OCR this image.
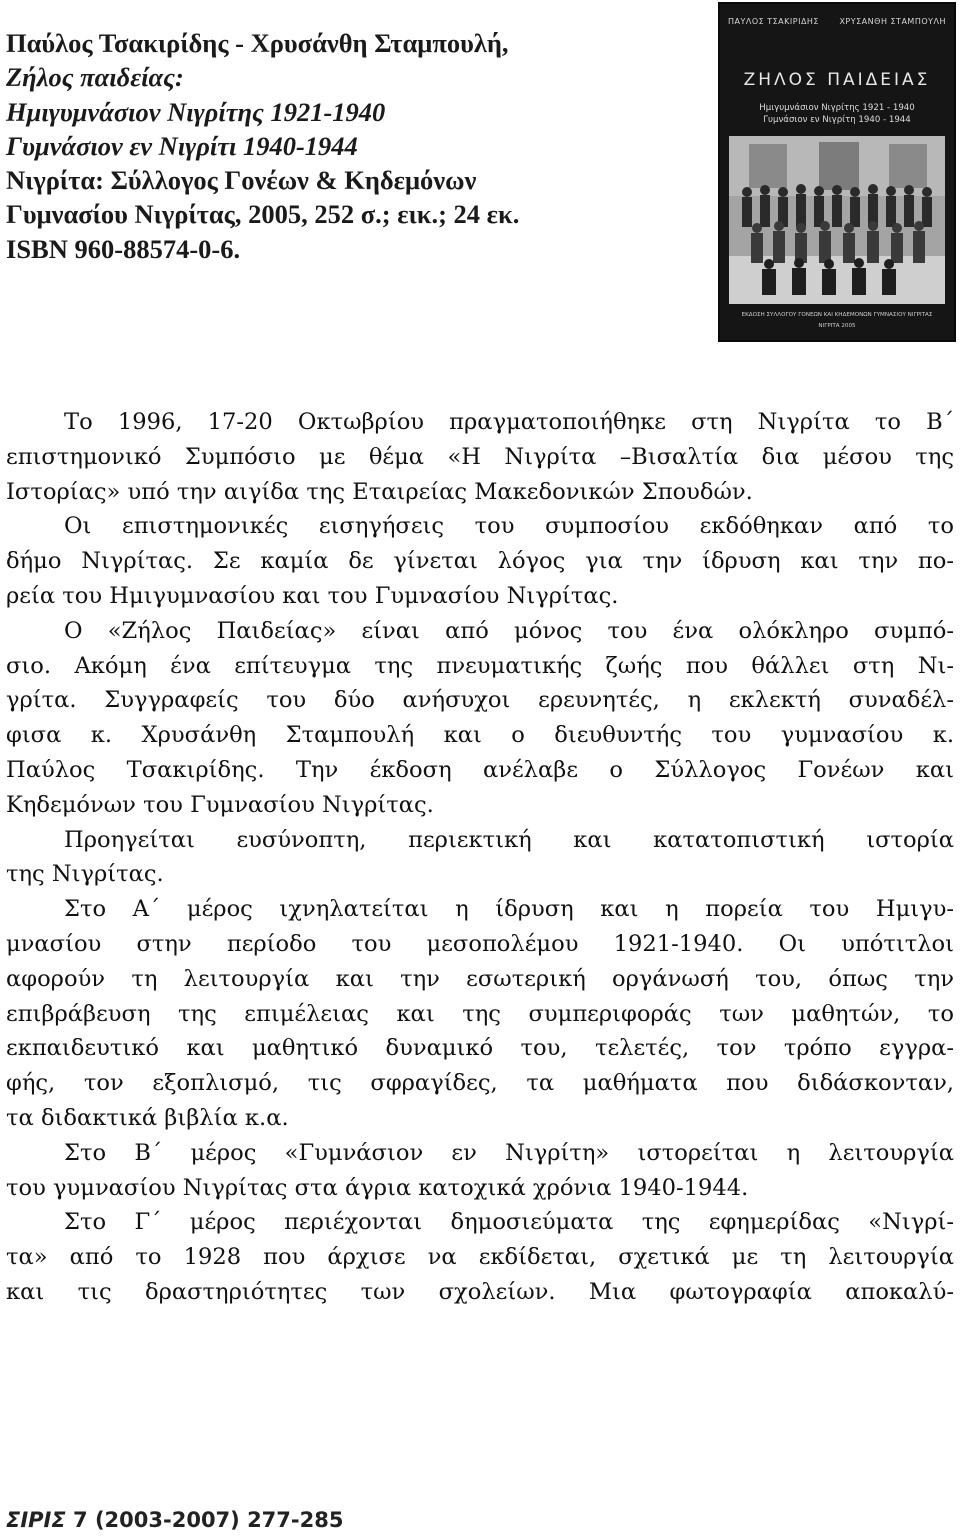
Παύλος Τσακιρίδης - Χρυσάνθη Σταμπουλή,
Ζήλος παιδείας:
Ημιγυμνάσιον Νιγρίτης 1921-1940
Γυμνάσιον εν Νιγρίτι 1940-1944
Νιγρίτα: Σύλλογος Γονέων & Κηδεμόνων
Γυμνασίου Νιγρίτας, 2005, 252 σ.; εικ.; 24 εκ.
ISBN 960-88574-0-6.
ΠΑΥΛΟΣ ΤΣΑΚΙΡΙΔΗΣ	ΧΡΥΣΑΝΘΗ ΣΤΑΜΠΟΥΛΗ
ΖΗΛΟΣ ΠΑΙΔΕΙΑΣ
Ημιγυμνάσιον Νιγρίτης 1921 - 1940
Γυμνάσιον εν Νιγρίτη 1940 - 1944
ΕΚΔΟΣΗ ΣΥΛΛΟΓΟΥ ΓΟΝΕΩΝ ΚΑΙ ΚΗΔΕΜΟΝΩΝ ΓΥΜΝΑΣΙΟΥ ΝΙΓΡΙΤΑΣ
ΝΙΓΡΙΤΑ 2005
Το 1996, 17-20 Οκτωβρίου πραγματοποιήθηκε στη Νιγρίτα το Β΄
επιστημονικό Συμπόσιο με θέμα «Η Νιγρίτα –Βισαλτία δια μέσου της
Ιστορίας» υπό την αιγίδα της Εταιρείας Μακεδονικών Σπουδών.
Οι επιστημονικές εισηγήσεις του συμποσίου εκδόθηκαν από το
δήμο Νιγρίτας. Σε καμία δε γίνεται λόγος για την ίδρυση και την πο-
ρεία του Ημιγυμνασίου και του Γυμνασίου Νιγρίτας.
Ο «Ζήλος Παιδείας» είναι από μόνος του ένα ολόκληρο συμπό-
σιο. Ακόμη ένα επίτευγμα της πνευματικής ζωής που θάλλει στη Νι-
γρίτα. Συγγραφείς του δύο ανήσυχοι ερευνητές, η εκλεκτή συναδέλ-
φισα κ. Χρυσάνθη Σταμπουλή και ο διευθυντής του γυμνασίου κ.
Παύλος Τσακιρίδης. Την έκδοση ανέλαβε ο Σύλλογος Γονέων και
Κηδεμόνων του Γυμνασίου Νιγρίτας.
Προηγείται ευσύνοπτη, περιεκτική και κατατοπιστική ιστορία
της Νιγρίτας.
Στο Α΄ μέρος ιχνηλατείται η ίδρυση και η πορεία του Ημιγυ-
μνασίου στην περίοδο του μεσοπολέμου 1921-1940. Οι υπότιτλοι
αφορούν τη λειτουργία και την εσωτερική οργάνωσή του, όπως την
επιβράβευση της επιμέλειας και της συμπεριφοράς των μαθητών, το
εκπαιδευτικό και μαθητικό δυναμικό του, τελετές, τον τρόπο εγγρα-
φής, τον εξοπλισμό, τις σφραγίδες, τα μαθήματα που διδάσκονταν,
τα διδακτικά βιβλία κ.α.
Στο Β΄ μέρος «Γυμνάσιον εν Νιγρίτη» ιστορείται η λειτουργία
του γυμνασίου Νιγρίτας στα άγρια κατοχικά χρόνια 1940-1944.
Στο Γ΄ μέρος περιέχονται δημοσιεύματα της εφημερίδας «Νιγρί-
τα» από το 1928 που άρχισε να εκδίδεται, σχετικά με τη λειτουργία
και τις δραστηριότητες των σχολείων. Μια φωτογραφία αποκαλύ-
ΣΙΡΙΣ 7 (2003-2007) 277-285
